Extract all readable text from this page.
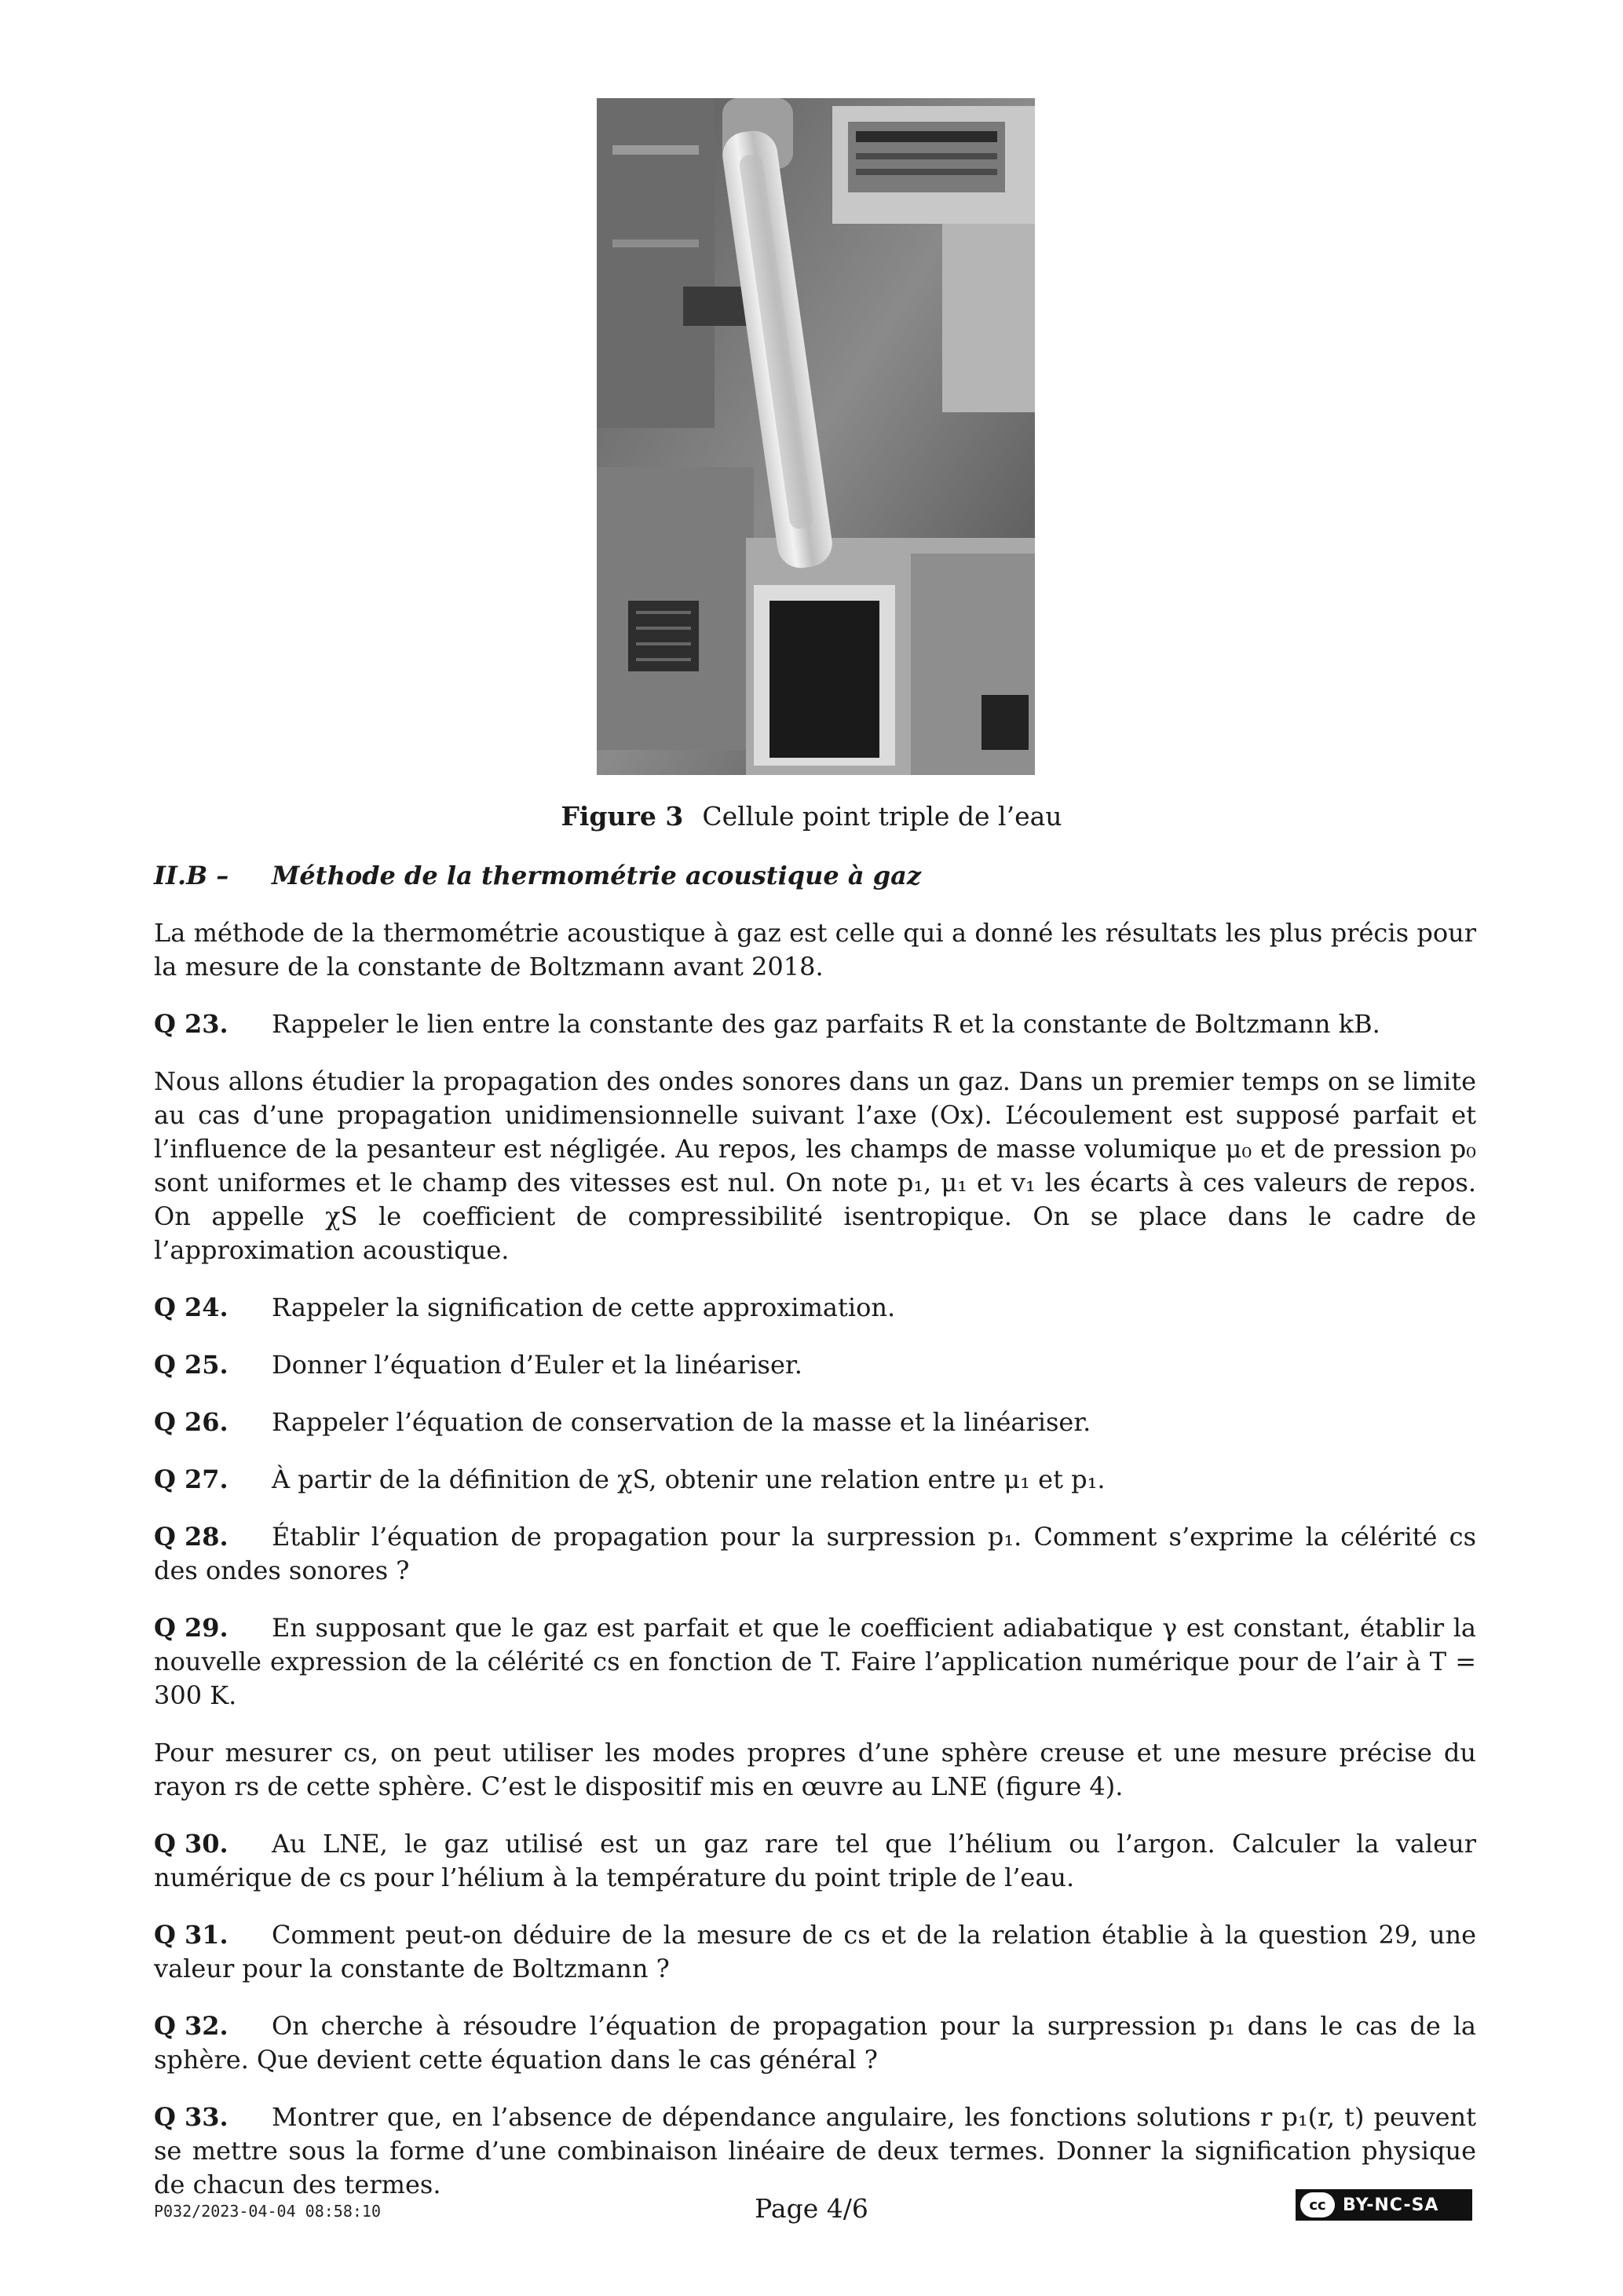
Figure 3 Cellule point triple de l’eau
II.B – Méthode de la thermométrie acoustique à gaz

La méthode de la thermométrie acoustique à gaz est celle qui a donné les résultats les plus précis pour la mesure de la constante de Boltzmann avant 2018.

Q 23. Rappeler le lien entre la constante des gaz parfaits R et la constante de Boltzmann kB.

Nous allons étudier la propagation des ondes sonores dans un gaz. Dans un premier temps on se limite au cas d’une propagation unidimensionnelle suivant l’axe (Ox). L’écoulement est supposé parfait et l’influence de la pesanteur est négligée. Au repos, les champs de masse volumique μ₀ et de pression p₀ sont uniformes et le champ des vitesses est nul. On note p₁, μ₁ et v₁ les écarts à ces valeurs de repos. On appelle χS le coefficient de compressibilité isentropique. On se place dans le cadre de l’approximation acoustique.

Q 24. Rappeler la signification de cette approximation.

Q 25. Donner l’équation d’Euler et la linéariser.

Q 26. Rappeler l’équation de conservation de la masse et la linéariser.

Q 27. À partir de la définition de χS, obtenir une relation entre μ₁ et p₁.

Q 28. Établir l’équation de propagation pour la surpression p₁. Comment s’exprime la célérité cs des ondes sonores ?

Q 29. En supposant que le gaz est parfait et que le coefficient adiabatique γ est constant, établir la nouvelle expression de la célérité cs en fonction de T. Faire l’application numérique pour de l’air à T = 300 K.

Pour mesurer cs, on peut utiliser les modes propres d’une sphère creuse et une mesure précise du rayon rs de cette sphère. C’est le dispositif mis en œuvre au LNE (figure 4).

Q 30. Au LNE, le gaz utilisé est un gaz rare tel que l’hélium ou l’argon. Calculer la valeur numérique de cs pour l’hélium à la température du point triple de l’eau.

Q 31. Comment peut-on déduire de la mesure de cs et de la relation établie à la question 29, une valeur pour la constante de Boltzmann ?

Q 32. On cherche à résoudre l’équation de propagation pour la surpression p₁ dans le cas de la sphère. Que devient cette équation dans le cas général ?

Q 33. Montrer que, en l’absence de dépendance angulaire, les fonctions solutions r p₁(r, t) peuvent se mettre sous la forme d’une combinaison linéaire de deux termes. Donner la signification physique de chacun des termes.

P032/2023-04-04 08:58:10	Page 4/6	cc BY-NC-SA
